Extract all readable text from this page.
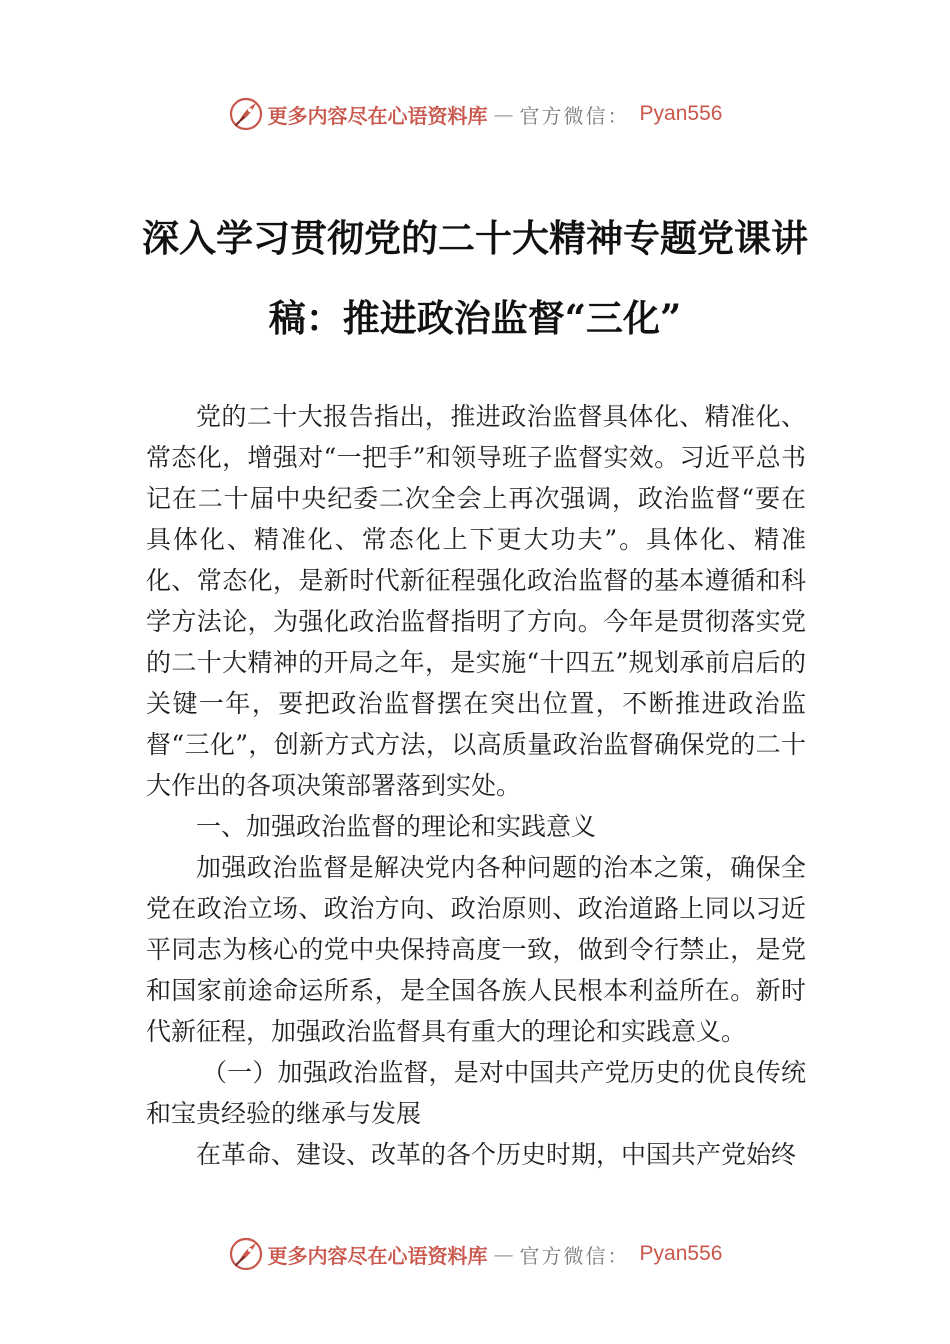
更多内容尽在心语资料库 — 官方微信： Pyan556
深入学习贯彻党的二十大精神专题党课讲稿：推进政治监督“三化”

党的二十大报告指出，推进政治监督具体化、精准化、常态化，增强对“一把手”和领导班子监督实效。习近平总书记在二十届中央纪委二次全会上再次强调，政治监督“要在具体化、精准化、常态化上下更大功夫”。具体化、精准化、常态化，是新时代新征程强化政治监督的基本遵循和科学方法论，为强化政治监督指明了方向。今年是贯彻落实党的二十大精神的开局之年，是实施“十四五”规划承前启后的关键一年，要把政治监督摆在突出位置，不断推进政治监督“三化”，创新方式方法，以高质量政治监督确保党的二十大作出的各项决策部署落到实处。

一、加强政治监督的理论和实践意义

加强政治监督是解决党内各种问题的治本之策，确保全党在政治立场、政治方向、政治原则、政治道路上同以习近平同志为核心的党中央保持高度一致，做到令行禁止，是党和国家前途命运所系，是全国各族人民根本利益所在。新时代新征程，加强政治监督具有重大的理论和实践意义。

（一）加强政治监督，是对中国共产党历史的优良传统和宝贵经验的继承与发展

在革命、建设、改革的各个历史时期，中国共产党始终

更多内容尽在心语资料库 — 官方微信： Pyan556
